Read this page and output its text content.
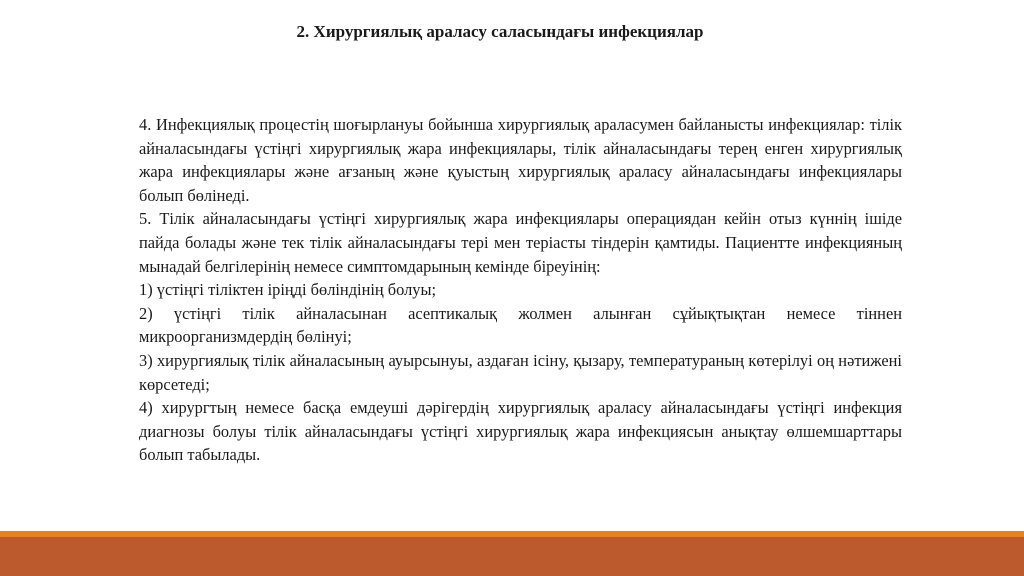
2. Хирургиялық араласу саласындағы инфекциялар

4. Инфекциялық процестің шоғырлануы бойынша хирургиялық араласумен байланысты инфекциялар: тілік айналасындағы үстіңгі хирургиялық жара инфекциялары, тілік айналасындағы терең енген хирургиялық жара инфекциялары және ағзаның және қуыстың хирургиялық араласу айналасындағы инфекциялары болып бөлінеді.

5. Тілік айналасындағы үстіңгі хирургиялық жара инфекциялары операциядан кейін отыз күннің ішіде пайда болады және тек тілік айналасындағы тері мен теріасты тіндерін қамтиды. Пациентте инфекцияның мынадай белгілерінің немесе симптомдарының кемінде біреуінің:

1) үстіңгі тіліктен іріңді бөліндінің болуы;

2) үстіңгі тілік айналасынан асептикалық жолмен алынған сұйықтықтан немесе тіннен микроорганизмдердің бөлінуі;

3) хирургиялық тілік айналасының ауырсынуы, аздаған ісіну, қызару, температураның көтерілуі оң нәтижені көрсетеді;

4) хирургтың немесе басқа емдеуші дәрігердің хирургиялық араласу айналасындағы үстіңгі инфекция диагнозы болуы тілік айналасындағы үстіңгі хирургиялық жара инфекциясын анықтау өлшемшарттары болып табылады.
